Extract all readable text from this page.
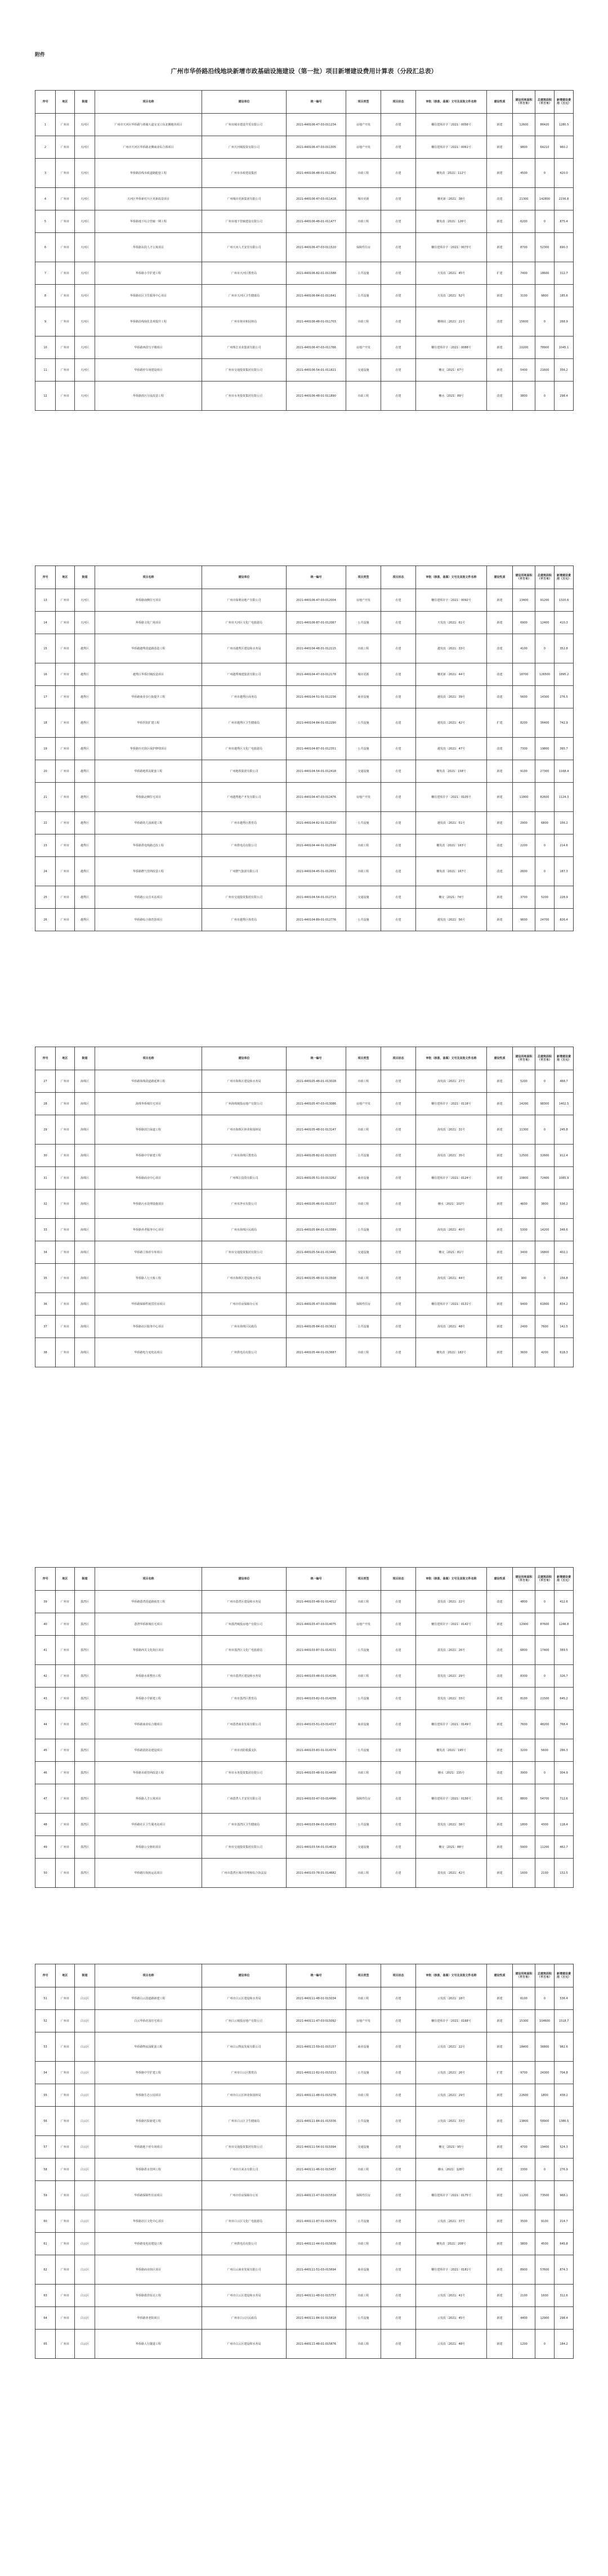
附件
广州市华侨路沿线地块新增市政基础设施建设（第一批）项目新增建设费用计算表（分段汇总表）
序号	地区	街道	项目名称	建设单位	统一编号	项目类型	项目状态	审批（核准、备案）文号及其他文件名称	建设性质	建设用地面积（平方米）	总建筑面积（平方米）	新增建设费用（万元）
1	广州市	天河区	广州市天河区华侨路与黄埔大道交叉口东北侧地块项目	广州市城市建设开发有限公司	2021-440106-47-03-011234	房地产开发	在建	穗住建预许字〔2021〕0056号	新建	12600	86420	1280.5
2	广州市	天河区	广州市天河区华侨路北侧商业综合体项目	广州天河城投资有限公司	2021-440106-47-03-011305	房地产开发	在建	穗住建预许字〔2021〕0061号	新建	9800	64210	960.2
3	广州市	天河区	华侨路沿线市政道路配套工程	广州市市政建设集团	2021-440106-48-01-011362	市政工程	在建	穗发改〔2021〕112号	新建	4500	0	420.0
4	广州市	天河区	天河区华侨新村片区更新改造项目	广州城市更新集团有限公司	2021-440106-47-03-011418	城市更新	在建	穗更新〔2021〕38号	改建	21300	142800	2156.8
5	广州市	天河区	华侨路地下综合管廊一期工程	广州市地下管廊建设有限公司	2021-440106-48-01-011477	市政工程	在建	穗发改〔2021〕126号	新建	6200	0	875.4
6	广州市	天河区	华侨路东段人才公寓项目	广州天河人才安居有限公司	2021-440106-47-03-011520	保障性住房	在建	穗住建预许字〔2021〕0073号	新建	8700	52300	690.3
7	广州市	天河区	华侨路小学扩建工程	广州市天河区教育局	2021-440106-82-01-011588	公共设施	在建	天发改〔2021〕45号	扩建	7400	18600	312.7
8	广州市	天河区	华侨路社区卫生服务中心项目	广州市天河区卫生健康局	2021-440106-84-01-011641	公共设施	在建	天发改〔2021〕52号	新建	3100	9800	185.6
9	广州市	天河区	华侨路沿线绿化景观提升工程	广州市林业和园林局	2021-440106-48-01-011703	市政工程	在建	穗林园〔2021〕21号	改建	15600	0	268.9
10	广州市	天河区	华侨路西段写字楼项目	广州珠江实业集团有限公司	2021-440106-47-03-011766	房地产开发	在建	穗住建预许字〔2021〕0088号	新建	10200	78900	1045.1
11	广州市	天河区	华侨路停车场建设项目	广州市交通投资集团有限公司	2021-440106-54-01-011821	交通设施	在建	穗交〔2021〕67号	新建	5400	21600	356.2
12	广州市	天河区	华侨路雨污分流改造工程	广州市水务投资集团有限公司	2021-440106-48-01-011890	市政工程	在建	穗水〔2021〕89号	改建	3800	0	298.4
序号	地区	街道	项目名称	建设单位	统一编号	项目类型	项目状态	审批（核准、备案）文号及其他文件名称	建设性质	建设用地面积（平方米）	总建筑面积（平方米）	新增建设费用（万元）
13	广州市	天河区	华侨路南侧住宅项目	广州市保利房地产有限公司	2021-440106-47-03-012004	房地产开发	在建	穗住建预许字〔2021〕0092号	新建	13400	91200	1320.6
14	广州市	天河区	华侨路文化广场项目	广州市天河区文化广电旅游局	2021-440106-87-01-012067	公共设施	在建	天发改〔2021〕61号	新建	6900	12400	410.3
15	广州市	越秀区	华侨路越秀段道路改造工程	广州市越秀区建设和水务局	2021-440104-48-01-012115	市政工程	在建	越发改〔2021〕33号	改建	4100	0	352.8
16	广州市	越秀区	越秀区华侨旧城改造项目	广州越秀城建集团有限公司	2021-440104-47-03-012178	城市更新	在建	穗更新〔2021〕44号	改建	18700	126500	1895.2
17	广州市	越秀区	华侨路商业步行街提升工程	广州市越秀区商务局	2021-440104-51-01-012236	商业设施	在建	越发改〔2021〕39号	改建	5600	14300	276.5
18	广州市	越秀区	华侨医院扩建工程	广州市越秀区卫生健康局	2021-440104-84-01-012290	公共设施	在建	越发改〔2021〕42号	扩建	8200	36400	742.9
19	广州市	越秀区	华侨路历史街区保护修缮项目	广州市越秀区文化广电旅游局	2021-440104-87-01-012351	公共设施	在建	越发改〔2021〕47号	改建	7300	19800	365.7
20	广州市	越秀区	华侨路地铁站配套工程	广州地铁集团有限公司	2021-440104-54-01-012418	交通设施	在建	穗发改〔2021〕158号	新建	9100	27300	1168.4
21	广州市	越秀区	华侨路北侧住宅项目	广州越秀地产开发有限公司	2021-440104-47-03-012476	房地产开发	在建	穗住建预许字〔2021〕0105号	新建	11800	82600	1124.3
22	广州市	越秀区	华侨路幼儿园新建工程	广州市越秀区教育局	2021-440104-82-01-012530	公共设施	在建	越发改〔2021〕51号	新建	2900	6800	156.2
23	广州市	越秀区	华侨路供电线路迁改工程	广州供电局有限公司	2021-440104-44-01-012594	市政工程	在建	穗发改〔2021〕163号	改建	2200	0	214.6
24	广州市	越秀区	华侨路燃气管网改造工程	广州燃气集团有限公司	2021-440104-45-01-012651	市政工程	在建	穗发改〔2021〕167号	改建	2600	0	187.3
25	广州市	越秀区	华侨路公交首末站项目	广州市交通投资集团有限公司	2021-440104-54-01-012713	交通设施	在建	穗交〔2021〕74号	新建	3700	5200	228.9
26	广州市	越秀区	华侨路综合体育馆项目	广州市越秀区体育局	2021-440104-89-01-012776	公共设施	在建	越发改〔2021〕56号	新建	9600	24700	826.4
序号	地区	街道	项目名称	建设单位	统一编号	项目类型	项目状态	审批（核准、备案）文号及其他文件名称	建设性质	建设用地面积（平方米）	总建筑面积（平方米）	新增建设费用（万元）
27	广州市	海珠区	华侨路海珠段道路延伸工程	广州市海珠区建设和水务局	2021-440105-48-01-013028	市政工程	在建	海发改〔2021〕27号	新建	5200	0	468.7
28	广州市	海珠区	海珠华侨城住宅项目	广州海珠城投房地产有限公司	2021-440105-47-03-013086	房地产开发	在建	穗住建预许字〔2021〕0118号	新建	14200	98300	1402.5
29	广州市	海珠区	华侨路滨江绿道工程	广州市海珠区林业和园林局	2021-440105-48-01-013147	市政工程	在建	海发改〔2021〕31号	新建	11300	0	245.8
30	广州市	海珠区	华侨路中学新建工程	广州市海珠区教育局	2021-440105-82-01-013203	公共设施	在建	海发改〔2021〕35号	新建	12500	32600	912.4
31	广州市	海珠区	华侨路商业中心项目	广州珠江投资有限公司	2021-440105-51-03-013262	商业设施	在建	穗住建预许字〔2021〕0124号	新建	10800	72400	1085.9
32	广州市	海珠区	华侨路污水处理设施项目	广州市净水有限公司	2021-440105-46-01-013327	市政工程	在建	穗水〔2021〕102号	新建	4600	3800	536.2
33	广州市	海珠区	华侨路养老服务中心项目	广州市海珠区民政局	2021-440105-84-01-013389	公共设施	在建	海发改〔2021〕40号	新建	5300	14200	348.6
34	广州市	海珠区	华侨路立体停车库项目	广州市交通投资集团有限公司	2021-440105-54-01-013445	交通设施	在建	穗交〔2021〕81号	新建	3400	16800	402.1
35	广州市	海珠区	华侨路人行天桥工程	广州市海珠区建设和水务局	2021-440105-48-01-013508	市政工程	在建	海发改〔2021〕44号	新建	900	0	156.8
36	广州市	海珠区	华侨路保障性租赁住房项目	广州市住房保障办公室	2021-440105-47-03-013566	保障性住房	在建	穗住建预许字〔2021〕0131号	新建	9400	61800	834.2
37	广州市	海珠区	华侨路社区服务中心项目	广州市海珠区民政局	2021-440105-84-01-013621	公共设施	在建	海发改〔2021〕48号	新建	2400	7600	142.5
38	广州市	海珠区	华侨路电力变电站项目	广州供电局有限公司	2021-440105-44-01-013687	市政工程	在建	穗发改〔2021〕182号	新建	3600	4200	618.3
序号	地区	街道	项目名称	建设单位	统一编号	项目类型	项目状态	审批（核准、备案）文号及其他文件名称	建设性质	建设用地面积（平方米）	总建筑面积（平方米）	新增建设费用（万元）
39	广州市	荔湾区	华侨路荔湾段道路拓宽工程	广州市荔湾区建设和水务局	2021-440103-48-01-014012	市政工程	在建	荔发改〔2021〕22号	改建	4800	0	412.6
40	广州市	荔湾区	荔湾华侨新城住宅项目	广州荔湾城投房地产有限公司	2021-440103-47-03-014075	房地产开发	在建	穗住建预许字〔2021〕0142号	新建	12900	87600	1246.8
41	广州市	荔湾区	华侨路西关文化街区项目	广州市荔湾区文化广电旅游局	2021-440103-87-01-014131	公共设施	在建	荔发改〔2021〕26号	改建	6800	17400	389.5
42	广州市	荔湾区	华侨路水系整治工程	广州市荔湾区建设和水务局	2021-440103-48-01-014196	市政工程	在建	荔发改〔2021〕29号	改建	8300	0	326.7
43	广州市	荔湾区	华侨路小学新建工程	广州市荔湾区教育局	2021-440103-82-01-014258	公共设施	在建	荔发改〔2021〕33号	新建	8100	21500	645.2
44	广州市	荔湾区	华侨路商业综合楼项目	广州荔湾商业发展有限公司	2021-440103-51-03-014317	商业设施	在建	穗住建预许字〔2021〕0149号	新建	7600	48200	768.4
45	广州市	荔湾区	华侨路消防站建设项目	广州市消防救援支队	2021-440103-83-01-014374	公共设施	在建	穗发改〔2021〕195号	新建	3200	5600	286.3
46	广州市	荔湾区	华侨路市政管网改造工程	广州市水务投资集团有限公司	2021-440103-48-01-014438	市政工程	在建	穗水〔2021〕115号	改建	3900	0	304.9
47	广州市	荔湾区	华侨路人才公寓项目	广州荔湾人才安居有限公司	2021-440103-47-03-014496	保障性住房	在建	穗住建预许字〔2021〕0156号	新建	8800	54700	712.6
48	广州市	荔湾区	华侨路社区卫生服务站项目	广州市荔湾区卫生健康局	2021-440103-84-01-014553	公共设施	在建	荔发改〔2021〕38号	新建	1800	4300	118.4
49	广州市	荔湾区	华侨路公交枢纽项目	广州市交通投资集团有限公司	2021-440103-54-01-014619	交通设施	在建	穗交〔2021〕88号	新建	5900	11200	462.7
50	广州市	荔湾区	华侨路垃圾转运站项目	广州市荔湾区城市管理和综合执法局	2021-440103-78-01-014682	市政工程	在建	荔发改〔2021〕42号	新建	1600	2100	132.5
序号	地区	街道	项目名称	建设单位	统一编号	项目类型	项目状态	审批（核准、备案）文号及其他文件名称	建设性质	建设用地面积（平方米）	总建筑面积（平方米）	新增建设费用（万元）
51	广州市	白云区	华侨路白云段道路新建工程	广州市白云区建设和水务局	2021-440111-48-01-015034	市政工程	在建	云发改〔2021〕18号	新建	6100	0	536.4
52	广州市	白云区	白云华侨花园住宅项目	广州白云城投房地产有限公司	2021-440111-47-03-015092	房地产开发	在建	穗住建预许字〔2021〕0168号	新建	15300	104600	1518.7
53	广州市	白云区	华侨路物流园配套工程	广州白云物流发展有限公司	2021-440111-59-01-015157	商业设施	在建	云发改〔2021〕22号	新建	18400	36800	982.6
54	广州市	白云区	华侨路中学扩建工程	广州市白云区教育局	2021-440111-82-01-015213	公共设施	在建	云发改〔2021〕26号	扩建	9700	24300	704.8
55	广州市	白云区	华侨路生态公园项目	广州市白云区林业和园林局	2021-440111-48-01-015278	市政工程	在建	云发改〔2021〕29号	新建	22600	1800	438.2
56	广州市	白云区	华侨路医院新建工程	广州市白云区卫生健康局	2021-440111-84-01-015336	公共设施	在建	云发改〔2021〕33号	新建	13800	58900	1386.5
57	广州市	白云区	华侨路地下停车场项目	广州市交通投资集团有限公司	2021-440111-54-01-015394	交通设施	在建	穗交〔2021〕95号	新建	4700	19400	524.3
58	广州市	白云区	华侨路供水管网工程	广州市自来水有限公司	2021-440111-46-01-015457	市政工程	在建	穗水〔2021〕128号	新建	3300	0	276.9
59	广州市	白云区	华侨路保障性住房项目	广州市住房保障办公室	2021-440111-47-03-015518	保障性住房	在建	穗住建预许字〔2021〕0175号	新建	11200	73500	968.1
60	广州市	白云区	华侨路社区文化中心项目	广州市白云区文化广电旅游局	2021-440111-87-01-015579	公共设施	在建	云发改〔2021〕37号	新建	3500	9100	214.7
61	广州市	白云区	华侨路变电站建设工程	广州供电局有限公司	2021-440111-44-01-015636	市政工程	在建	穗发改〔2021〕208号	新建	3800	4500	645.8
62	广州市	白云区	华侨路商业街区项目	广州白云商业发展有限公司	2021-440111-51-03-015694	商业设施	在建	穗住建预许字〔2021〕0181号	新建	8900	57600	874.3
63	广州市	白云区	华侨路排涝泵站工程	广州市白云区建设和水务局	2021-440111-48-01-015757	市政工程	在建	云发改〔2021〕41号	新建	2100	1600	312.6
64	广州市	白云区	华侨路养老院项目	广州市白云区民政局	2021-440111-84-01-015818	公共设施	在建	云发改〔2021〕45号	新建	4400	12900	298.4
65	广州市	白云区	华侨路人行隧道工程	广州市白云区建设和水务局	2021-440111-48-01-015876	市政工程	在建	云发改〔2021〕48号	新建	1200	0	184.2
